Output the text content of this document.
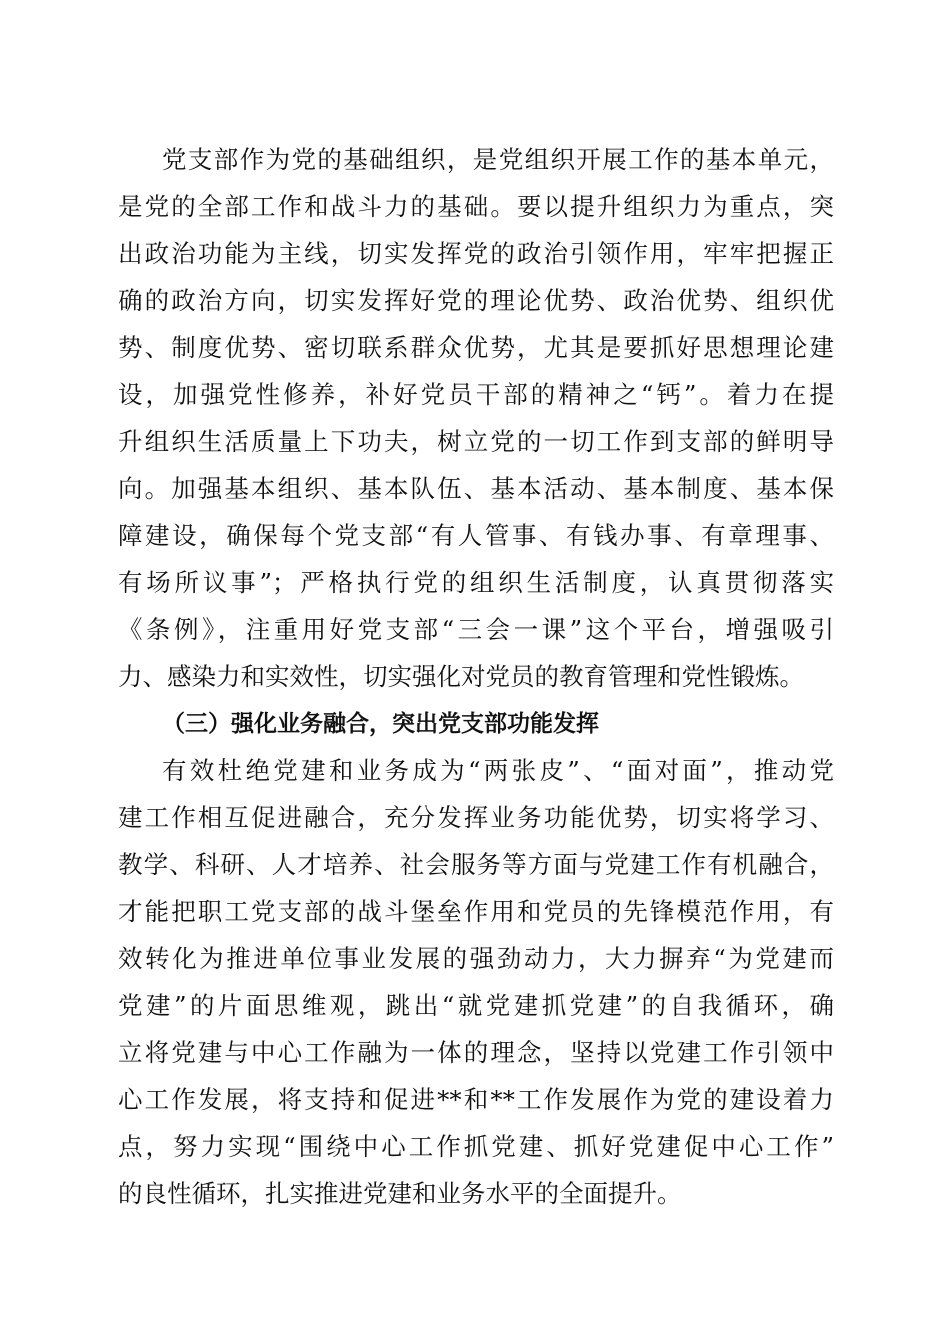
党支部作为党的基础组织，是党组织开展工作的基本单元，
是党的全部工作和战斗力的基础。要以提升组织力为重点，突
出政治功能为主线，切实发挥党的政治引领作用，牢牢把握正
确的政治方向，切实发挥好党的理论优势、政治优势、组织优
势、制度优势、密切联系群众优势，尤其是要抓好思想理论建
设，加强党性修养，补好党员干部的精神之“钙”。着力在提
升组织生活质量上下功夫，树立党的一切工作到支部的鲜明导
向。加强基本组织、基本队伍、基本活动、基本制度、基本保
障建设，确保每个党支部“有人管事、有钱办事、有章理事、
有场所议事”；严格执行党的组织生活制度，认真贯彻落实
《条例》，注重用好党支部“三会一课”这个平台，增强吸引
力、感染力和实效性，切实强化对党员的教育管理和党性锻炼。
（三）强化业务融合，突出党支部功能发挥
有效杜绝党建和业务成为“两张皮”、“面对面”，推动党
建工作相互促进融合，充分发挥业务功能优势，切实将学习、
教学、科研、人才培养、社会服务等方面与党建工作有机融合，
才能把职工党支部的战斗堡垒作用和党员的先锋模范作用，有
效转化为推进单位事业发展的强劲动力，大力摒弃“为党建而
党建”的片面思维观，跳出“就党建抓党建”的自我循环，确
立将党建与中心工作融为一体的理念，坚持以党建工作引领中
心工作发展，将支持和促进**和**工作发展作为党的建设着力
点，努力实现“围绕中心工作抓党建、抓好党建促中心工作”
的良性循环，扎实推进党建和业务水平的全面提升。
